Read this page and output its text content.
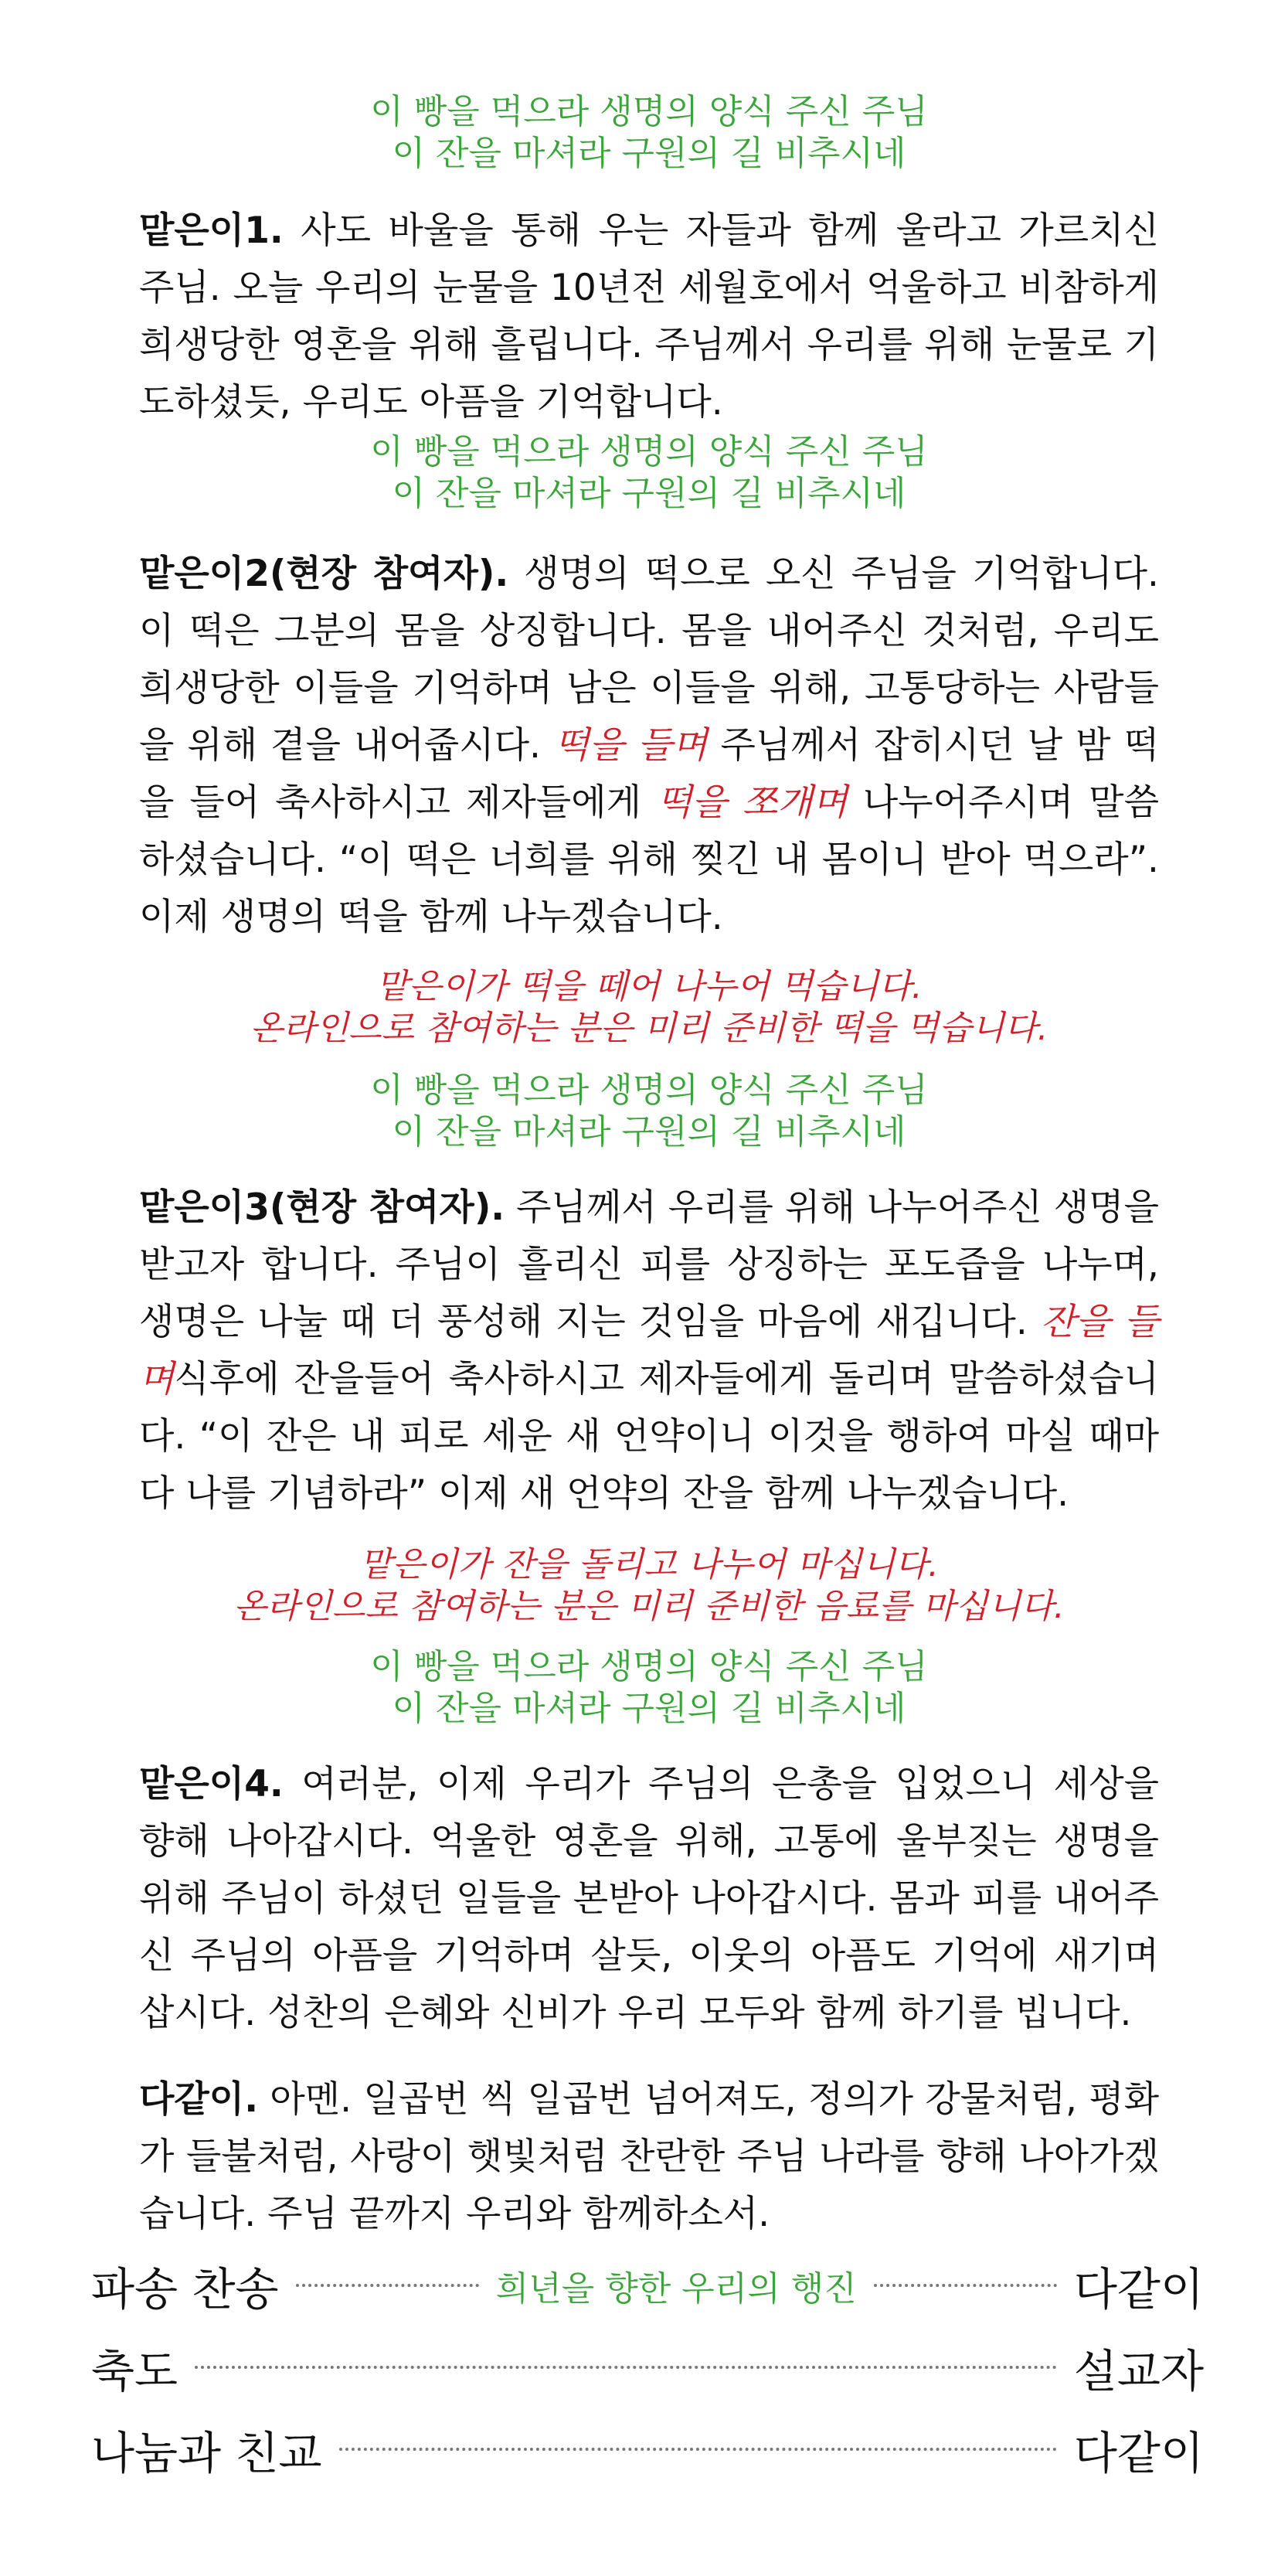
이 빵을 먹으라 생명의 양식 주신 주님
이 잔을 마셔라 구원의 길 비추시네
맡은이1. 사도 바울을 통해 우는 자들과 함께 울라고 가르치신 주님. 오늘 우리의 눈물을 10년전 세월호에서 억울하고 비참하게 희생당한 영혼을 위해 흘립니다. 주님께서 우리를 위해 눈물로 기도하셨듯, 우리도 아픔을 기억합니다.
이 빵을 먹으라 생명의 양식 주신 주님
이 잔을 마셔라 구원의 길 비추시네
맡은이2(현장 참여자). 생명의 떡으로 오신 주님을 기억합니다. 이 떡은 그분의 몸을 상징합니다. 몸을 내어주신 것처럼, 우리도 희생당한 이들을 기억하며 남은 이들을 위해, 고통당하는 사람들을 위해 곁을 내어줍시다. 떡을 들며 주님께서 잡히시던 날 밤 떡을 들어 축사하시고 제자들에게 떡을 쪼개며 나누어주시며 말씀하셨습니다. “이 떡은 너희를 위해 찢긴 내 몸이니 받아 먹으라”. 이제 생명의 떡을 함께 나누겠습니다.
맡은이가 떡을 떼어 나누어 먹습니다.
온라인으로 참여하는 분은 미리 준비한 떡을 먹습니다.
이 빵을 먹으라 생명의 양식 주신 주님
이 잔을 마셔라 구원의 길 비추시네
맡은이3(현장 참여자). 주님께서 우리를 위해 나누어주신 생명을 받고자 합니다. 주님이 흘리신 피를 상징하는 포도즙을 나누며, 생명은 나눌 때 더 풍성해 지는 것임을 마음에 새깁니다. 잔을 들며식후에 잔을들어 축사하시고 제자들에게 돌리며 말씀하셨습니다. “이 잔은 내 피로 세운 새 언약이니 이것을 행하여 마실 때마다 나를 기념하라” 이제 새 언약의 잔을 함께 나누겠습니다.
맡은이가 잔을 돌리고 나누어 마십니다.
온라인으로 참여하는 분은 미리 준비한 음료를 마십니다.
이 빵을 먹으라 생명의 양식 주신 주님
이 잔을 마셔라 구원의 길 비추시네
맡은이4. 여러분, 이제 우리가 주님의 은총을 입었으니 세상을 향해 나아갑시다. 억울한 영혼을 위해, 고통에 울부짖는 생명을 위해 주님이 하셨던 일들을 본받아 나아갑시다. 몸과 피를 내어주신 주님의 아픔을 기억하며 살듯, 이웃의 아픔도 기억에 새기며 삽시다. 성찬의 은혜와 신비가 우리 모두와 함께 하기를 빕니다.
다같이. 아멘. 일곱번 씩 일곱번 넘어져도, 정의가 강물처럼, 평화가 들불처럼, 사랑이 햇빛처럼 찬란한 주님 나라를 향해 나아가겠습니다. 주님 끝까지 우리와 함께하소서.
파송 찬송	희년을 향한 우리의 행진	다같이
축도	설교자
나눔과 친교	다같이
